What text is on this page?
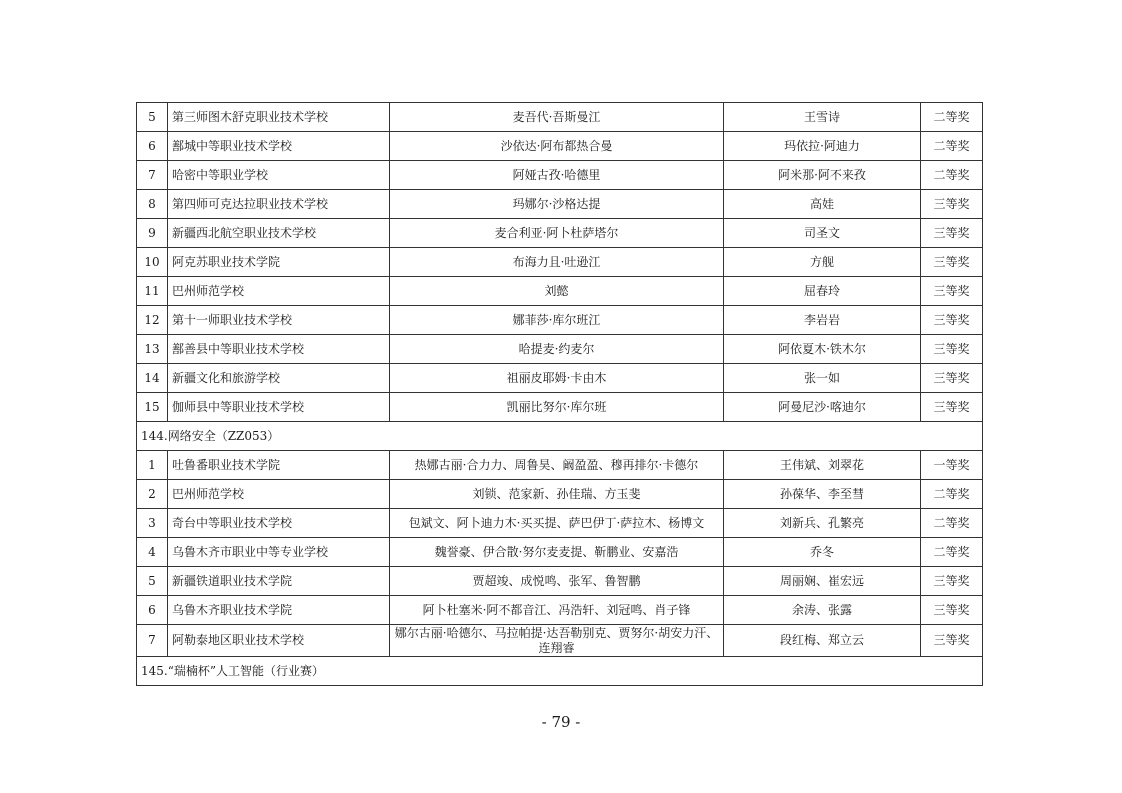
5	第三师图木舒克职业技术学校	麦吾代·吾斯曼江	王雪诗	二等奖
6	鄯城中等职业技术学校	沙依达·阿布都热合曼	玛依拉·阿迪力	二等奖
7	哈密中等职业学校	阿娅古孜·哈德里	阿米那·阿不来孜	二等奖
8	第四师可克达拉职业技术学校	玛娜尔·沙格达提	高娃	三等奖
9	新疆西北航空职业技术学校	麦合利亚·阿卜杜萨塔尔	司圣文	三等奖
10	阿克苏职业技术学院	布海力且·吐逊江	方舰	三等奖
11	巴州师范学校	刘懿	屈春玲	三等奖
12	第十一师职业技术学校	娜菲莎·库尔班江	李岩岩	三等奖
13	鄯善县中等职业技术学校	哈提麦·约麦尔	阿依夏木·铁木尔	三等奖
14	新疆文化和旅游学校	祖丽皮耶姆·卡由木	张一如	三等奖
15	伽师县中等职业技术学校	凯丽比努尔·库尔班	阿曼尼沙·喀迪尔	三等奖
144.网络安全（ZZ053）				
1	吐鲁番职业技术学院	热娜古丽·合力力、周鲁昊、阚盈盈、穆再排尔·卡德尔	王伟斌、刘翠花	一等奖
2	巴州师范学校	刘锁、范家新、孙佳瑞、方玉斐	孙葆华、李至彗	二等奖
3	奇台中等职业技术学校	包斌文、阿卜迪力木·买买提、萨巴伊丁·萨拉木、杨博文	刘新兵、孔繁亮	二等奖
4	乌鲁木齐市职业中等专业学校	魏誉豪、伊合散·努尔麦麦提、靳鹏业、安嘉浩	乔冬	二等奖
5	新疆铁道职业技术学院	贾超竣、成悦鸣、张军、鲁智鹏	周丽娴、崔宏远	三等奖
6	乌鲁木齐职业技术学院	阿卜杜塞米·阿不都音江、冯浩轩、刘冠鸣、肖子锋	余涛、张露	三等奖
7	阿勒泰地区职业技术学校	娜尔古丽·哈德尔、马拉帕提·达吾勒别克、贾努尔·胡安力汗、连翔睿	段红梅、郑立云	三等奖
145.“瑞楠杯”人工智能（行业赛）				
- 79 -
